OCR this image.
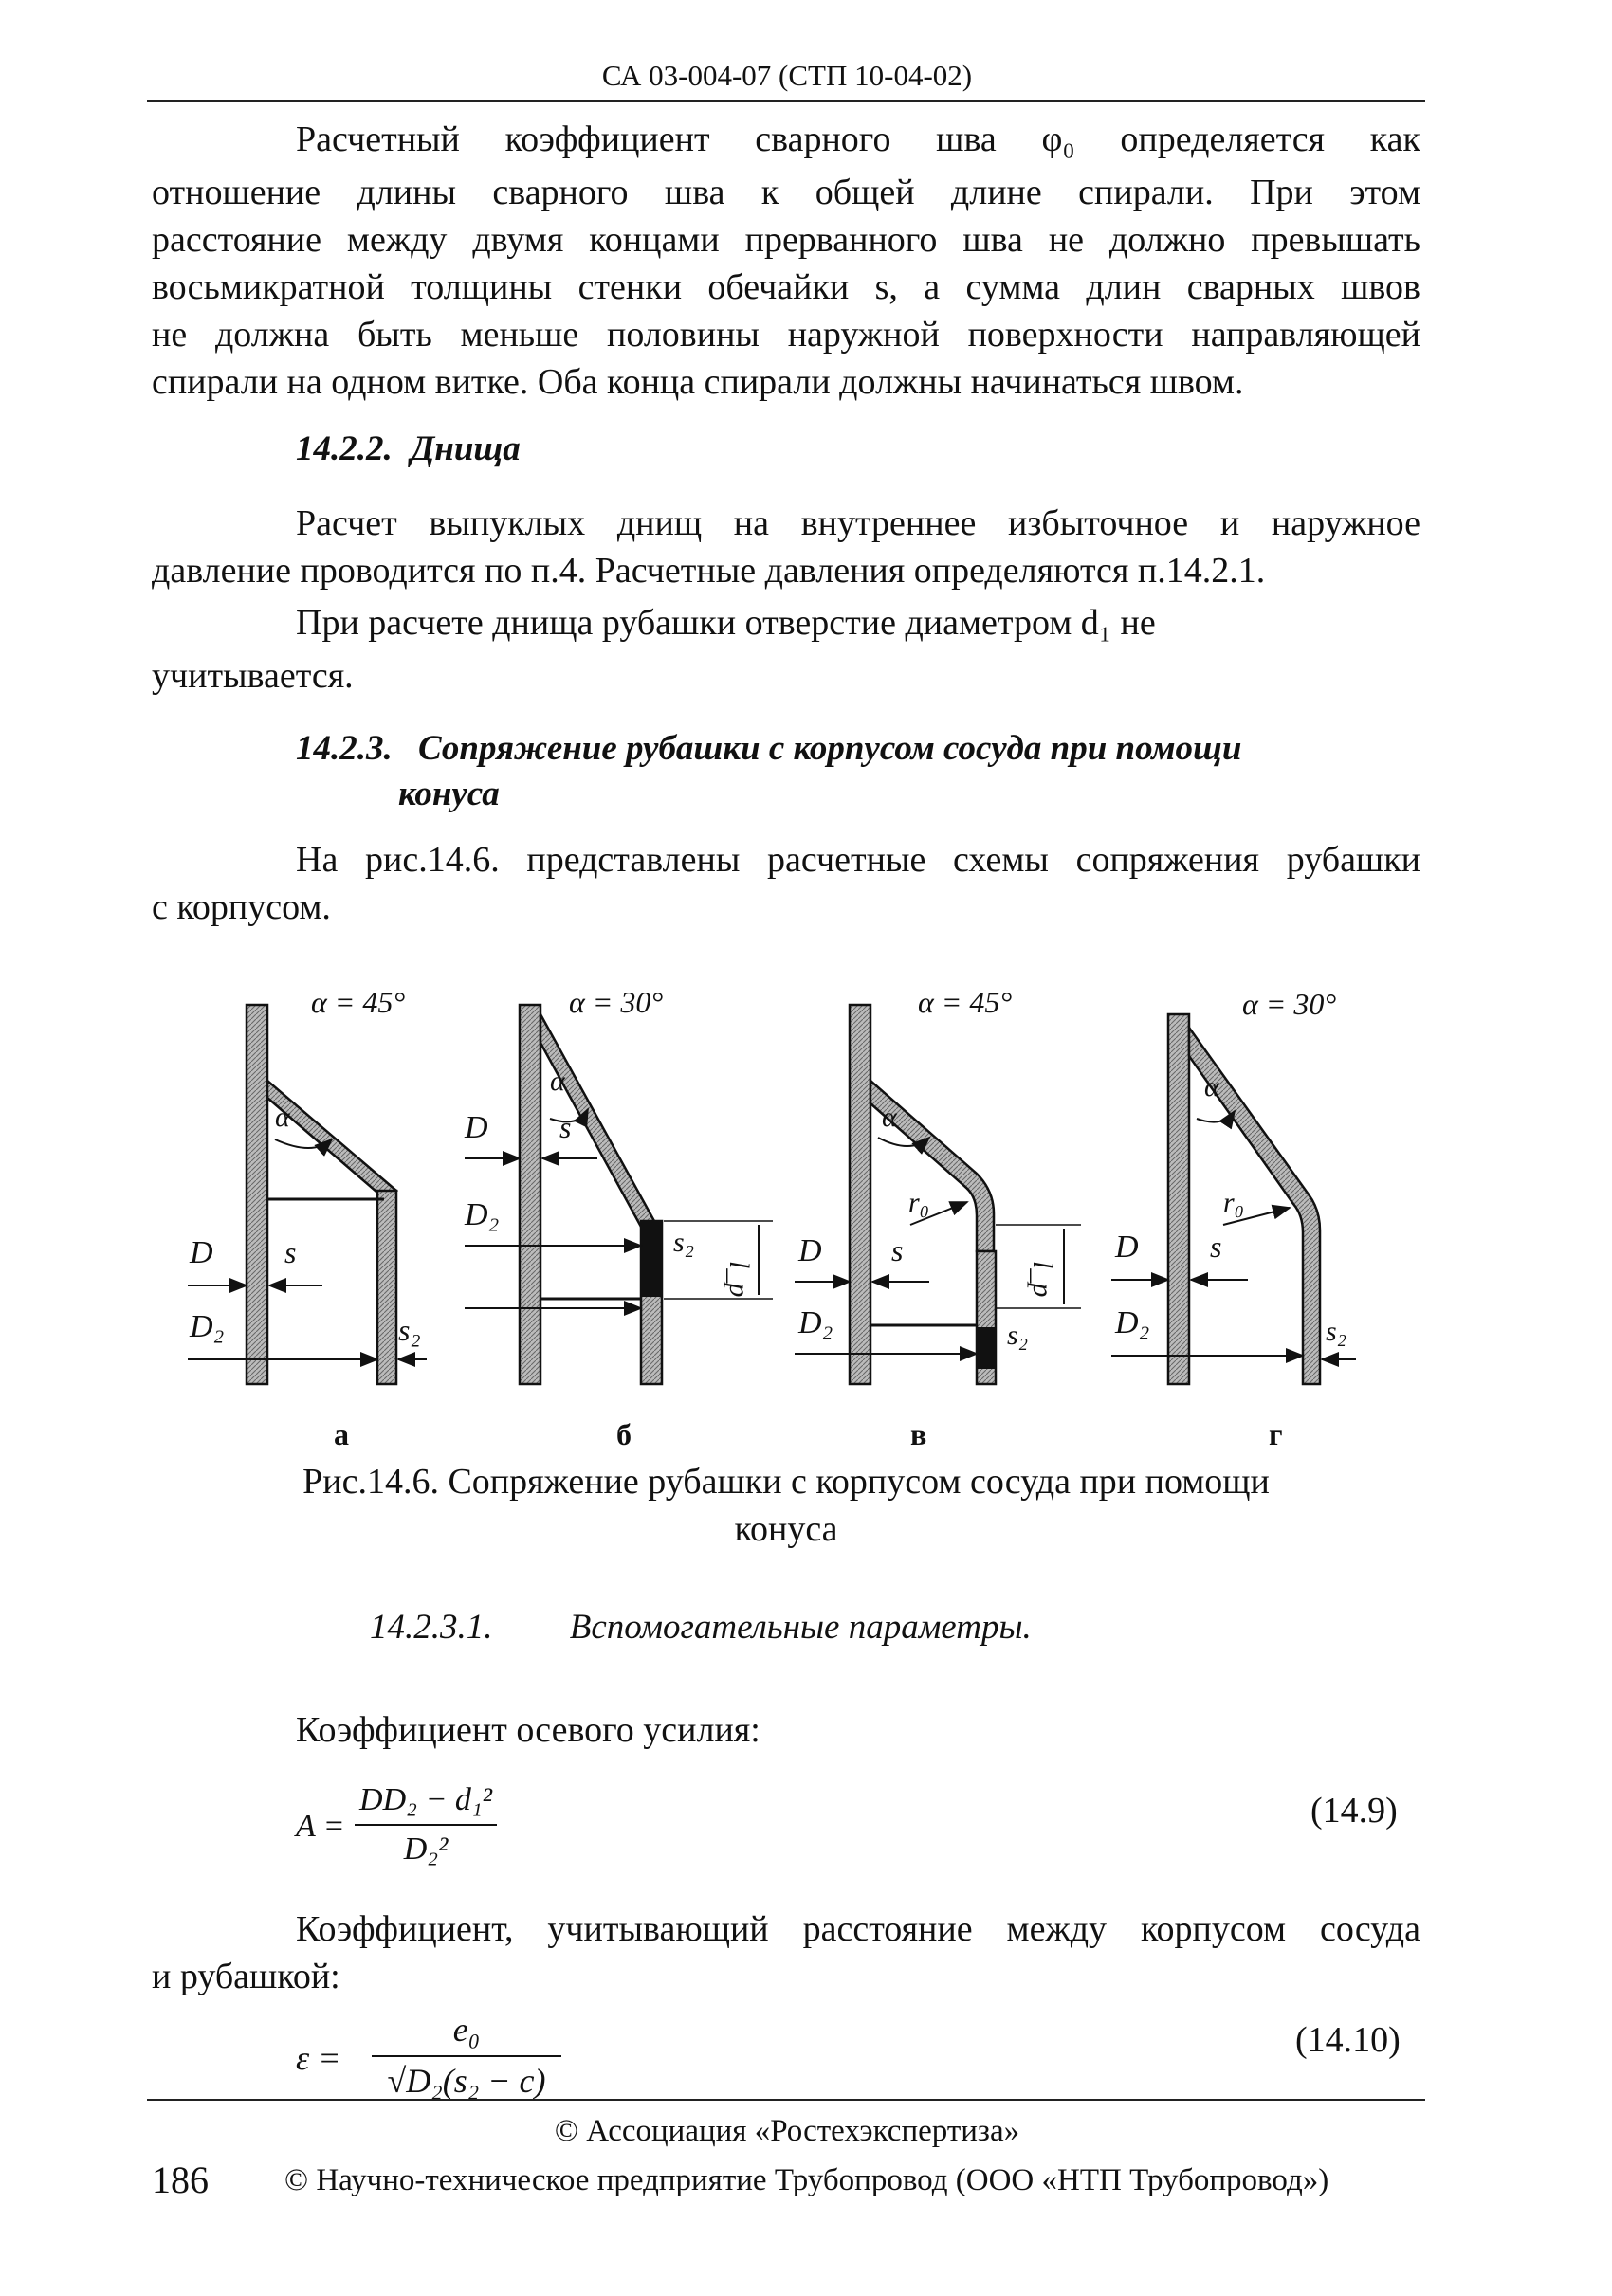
СА 03-004-07 (СТП 10-04-02)
Расчетный коэффициент сварного шва φ₀ определяется как
отношение длины сварного шва к общей длине спирали. При этом
расстояние между двумя концами прерванного шва не должно превышать
восьмикратной толщины стенки обечайки s, а сумма длин сварных швов
не должна быть меньше половины наружной поверхности направляющей
спирали на одном витке. Оба конца спирали должны начинаться швом.
14.2.2. Днища
Расчет выпуклых днищ на внутреннее избыточное и наружное
давление проводится по п.4. Расчетные давления определяются п.14.2.1.
При расчете днища рубашки отверстие диаметром d₁ не
учитывается.
14.2.3. Сопряжение рубашки с корпусом сосуда при помощи
конуса
На рис.14.6. представлены расчетные схемы сопряжения рубашки
с корпусом.
α = 45°
α
D s
D₂	s₂
α = 30°
α
D s
D₂
s₂
l_p
α = 45°
α
r₀
D s
D₂	s₂
l_p
α = 30°
α
r₀
D s
D₂	s₂
а	б	в	г
Рис.14.6. Сопряжение рубашки с корпусом сосуда при помощи
конуса
14.2.3.1. Вспомогательные параметры.
Коэффициент осевого усилия:
A =
DD₂ − d₁²
D₂²
(14.9)
Коэффициент, учитывающий расстояние между корпусом сосуда
и рубашкой:
ε =
e₀
√D₂(s₂ − c)
(14.10)
© Ассоциация «Ростехэкспертиза»
186 © Научно-техническое предприятие Трубопровод (ООО «НТП Трубопровод»)
